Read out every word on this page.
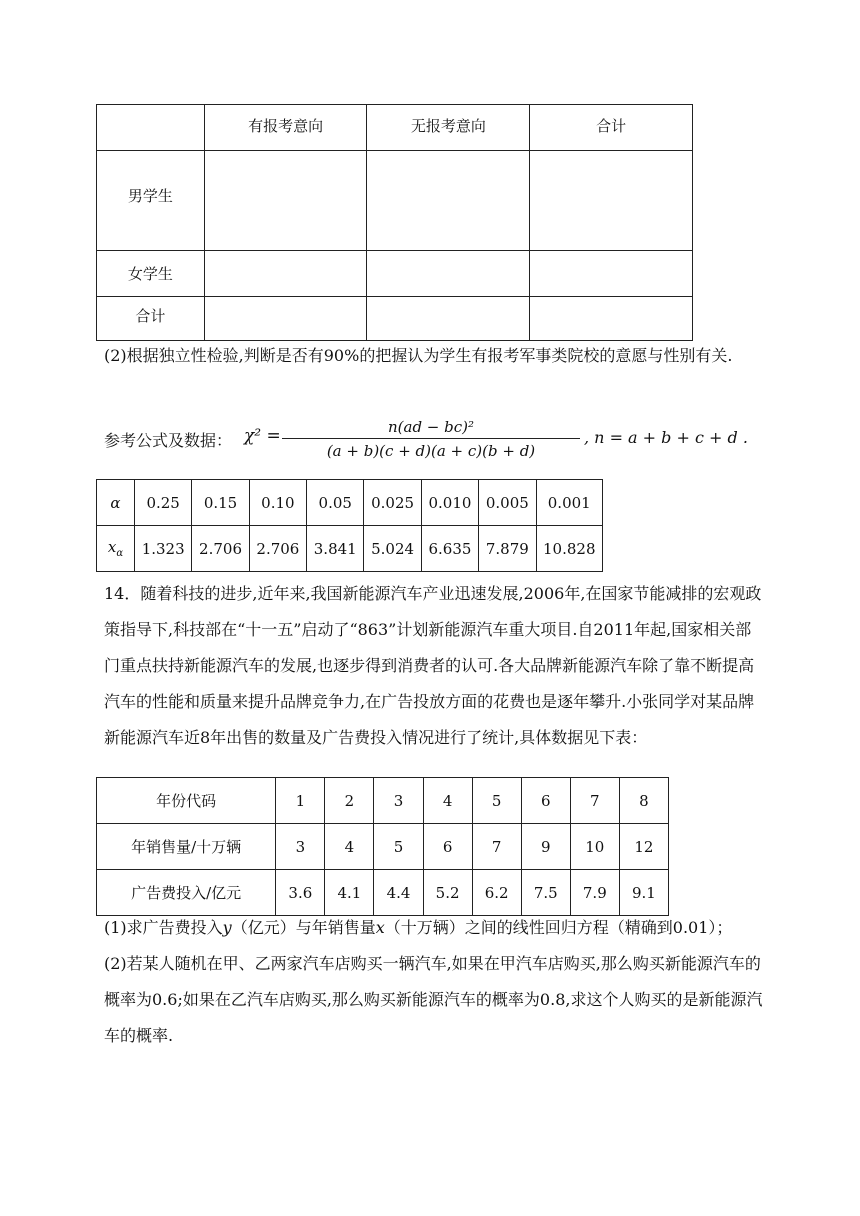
	有报考意向	无报考意向	合计
男学生			
女学生			
合计			
(2)根据独立性检验,判断是否有90%的把握认为学生有报考军事类院校的意愿与性别有关.
参考公式及数据： $\chi^2 = \frac{\text{n(ad − bc)²}}{(a + b)(c + d)(a + c)(b + d)}$ , n = a + b + c + d .
α	0.25	0.15	0.10	0.05	0.025	0.010	0.005	0.001
$x_\alpha$	1.323	2.706	2.706	3.841	5.024	6.635	7.879	10.828
14．随着科技的进步,近年来,我国新能源汽车产业迅速发展,2006年,在国家节能减排的宏观政策指导下,科技部在“十一五”启动了“863”计划新能源汽车重大项目.自2011年起,国家相关部门重点扶持新能源汽车的发展,也逐步得到消费者的认可.各大品牌新能源汽车除了靠不断提高汽车的性能和质量来提升品牌竞争力,在广告投放方面的花费也是逐年攀升.小张同学对某品牌新能源汽车近8年出售的数量及广告费投入情况进行了统计,具体数据见下表：
年份代码	1	2	3	4	5	6	7	8
年销售量/十万辆	3	4	5	6	7	9	10	12
广告费投入/亿元	3.6	4.1	4.4	5.2	6.2	7.5	7.9	9.1
(1)求广告费投入y（亿元）与年销售量x（十万辆）之间的线性回归方程（精确到0.01）；
(2)若某人随机在甲、乙两家汽车店购买一辆汽车,如果在甲汽车店购买,那么购买新能源汽车的概率为0.6;如果在乙汽车店购买,那么购买新能源汽车的概率为0.8,求这个人购买的是新能源汽车的概率.
